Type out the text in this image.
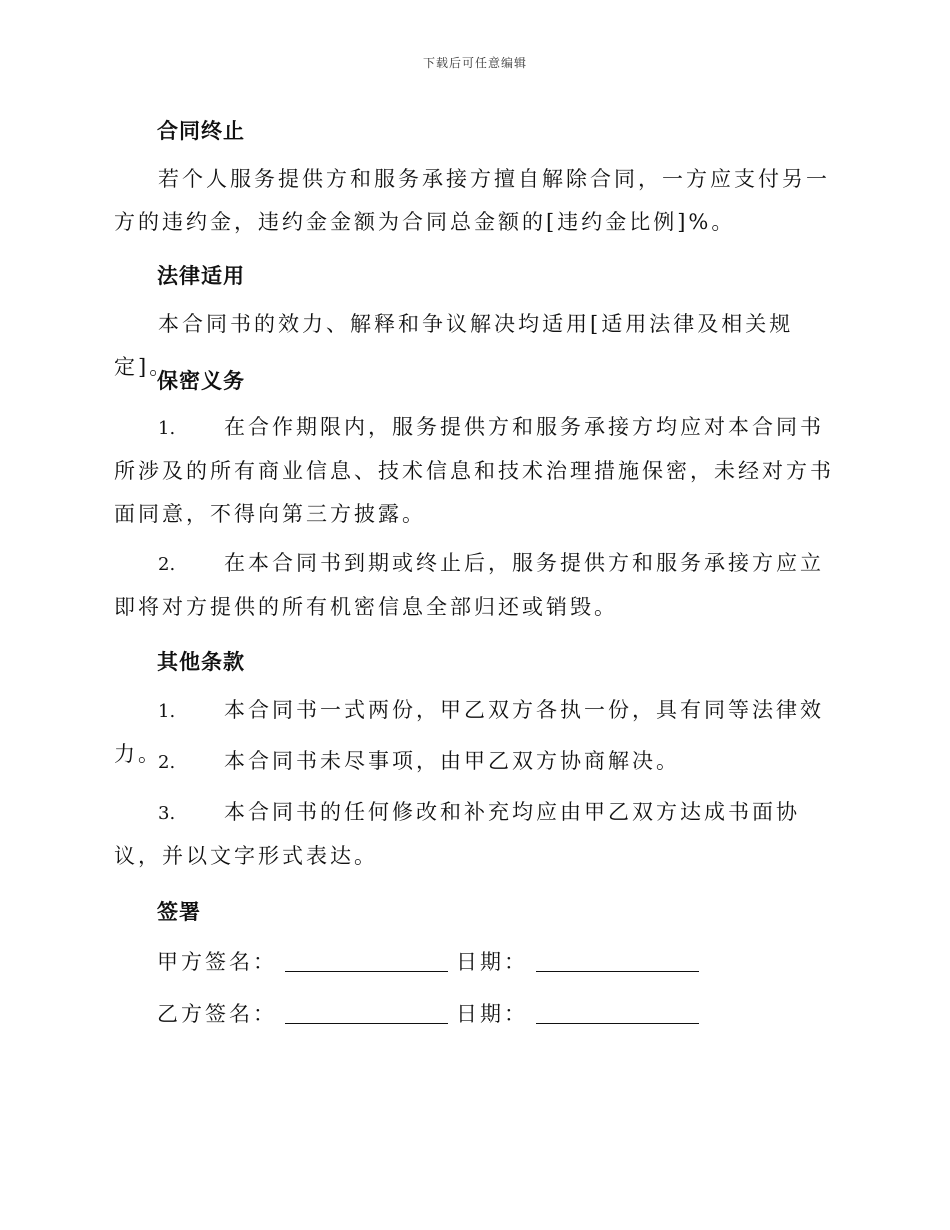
下载后可任意编辑
合同终止
若个人服务提供方和服务承接方擅自解除合同，一方应支付另一方的违约金，违约金金额为合同总金额的[违约金比例]%。
法律适用
本合同书的效力、解释和争议解决均适用[适用法律及相关规定]。
保密义务
1. 在合作期限内，服务提供方和服务承接方均应对本合同书所涉及的所有商业信息、技术信息和技术治理措施保密，未经对方书面同意，不得向第三方披露。
2. 在本合同书到期或终止后，服务提供方和服务承接方应立即将对方提供的所有机密信息全部归还或销毁。
其他条款
1. 本合同书一式两份，甲乙双方各执一份，具有同等法律效力。
2. 本合同书未尽事项，由甲乙双方协商解决。
3. 本合同书的任何修改和补充均应由甲乙双方达成书面协议，并以文字形式表达。
签署
甲方签名：	日期：
乙方签名：	日期：
